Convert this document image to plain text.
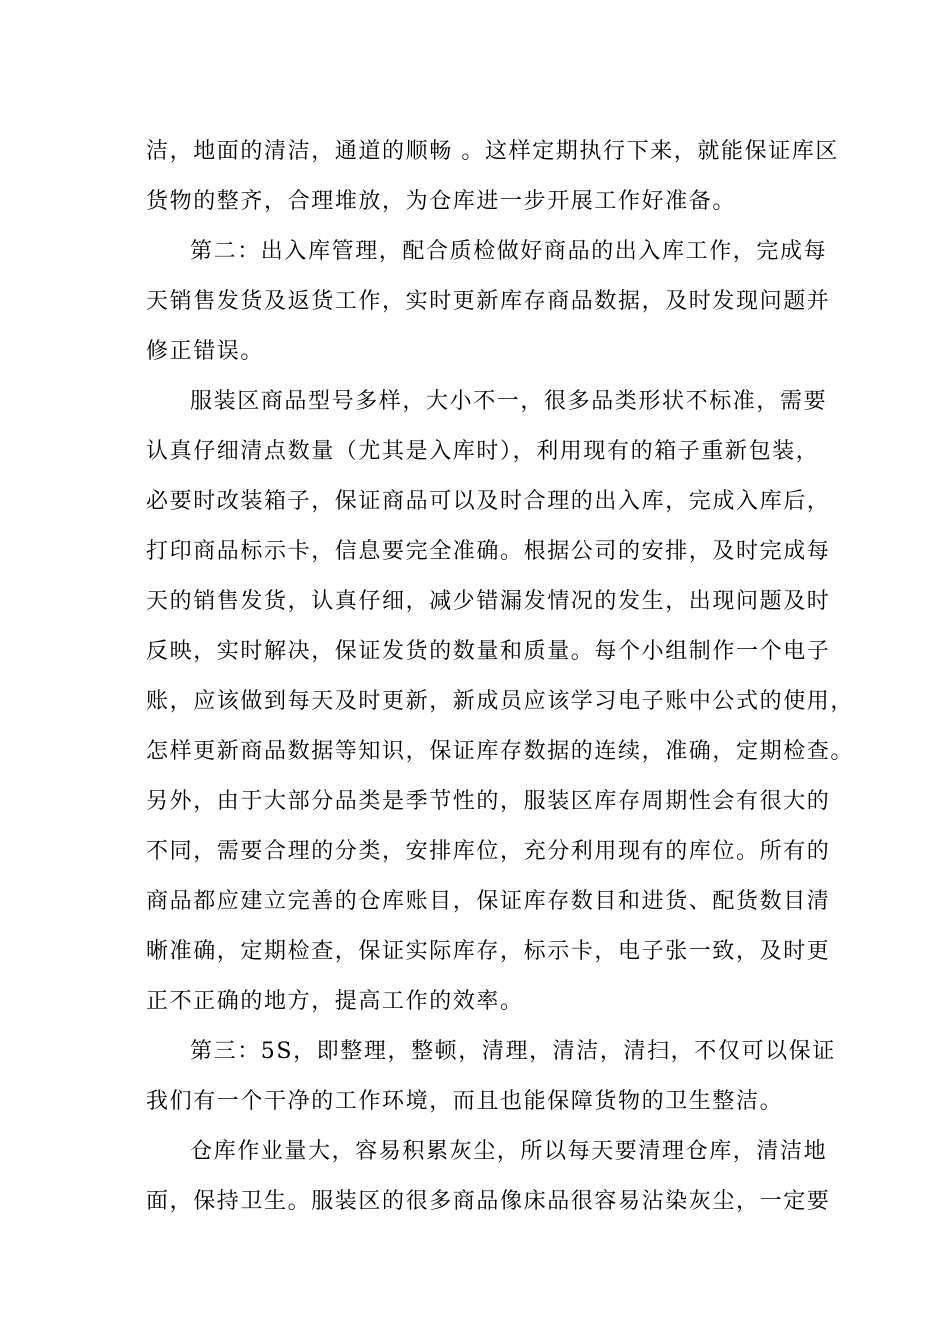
洁，地面的清洁，通道的顺畅 。这样定期执行下来，就能保证库区
货物的整齐，合理堆放，为仓库进一步开展工作好准备。
第二：出入库管理，配合质检做好商品的出入库工作，完成每
天销售发货及返货工作，实时更新库存商品数据，及时发现问题并
修正错误。
服装区商品型号多样，大小不一，很多品类形状不标准，需要
认真仔细清点数量（尤其是入库时），利用现有的箱子重新包装，
必要时改装箱子，保证商品可以及时合理的出入库，完成入库后，
打印商品标示卡，信息要完全准确。根据公司的安排，及时完成每
天的销售发货，认真仔细，减少错漏发情况的发生，出现问题及时
反映，实时解决，保证发货的数量和质量。每个小组制作一个电子
账，应该做到每天及时更新，新成员应该学习电子账中公式的使用，
怎样更新商品数据等知识，保证库存数据的连续，准确，定期检查。
另外，由于大部分品类是季节性的，服装区库存周期性会有很大的
不同，需要合理的分类，安排库位，充分利用现有的库位。所有的
商品都应建立完善的仓库账目，保证库存数目和进货、配货数目清
晰准确，定期检查，保证实际库存，标示卡，电子张一致，及时更
正不正确的地方，提高工作的效率。
第三：5S，即整理，整顿，清理，清洁，清扫，不仅可以保证
我们有一个干净的工作环境，而且也能保障货物的卫生整洁。
仓库作业量大，容易积累灰尘，所以每天要清理仓库，清洁地
面，保持卫生。服装区的很多商品像床品很容易沾染灰尘，一定要
